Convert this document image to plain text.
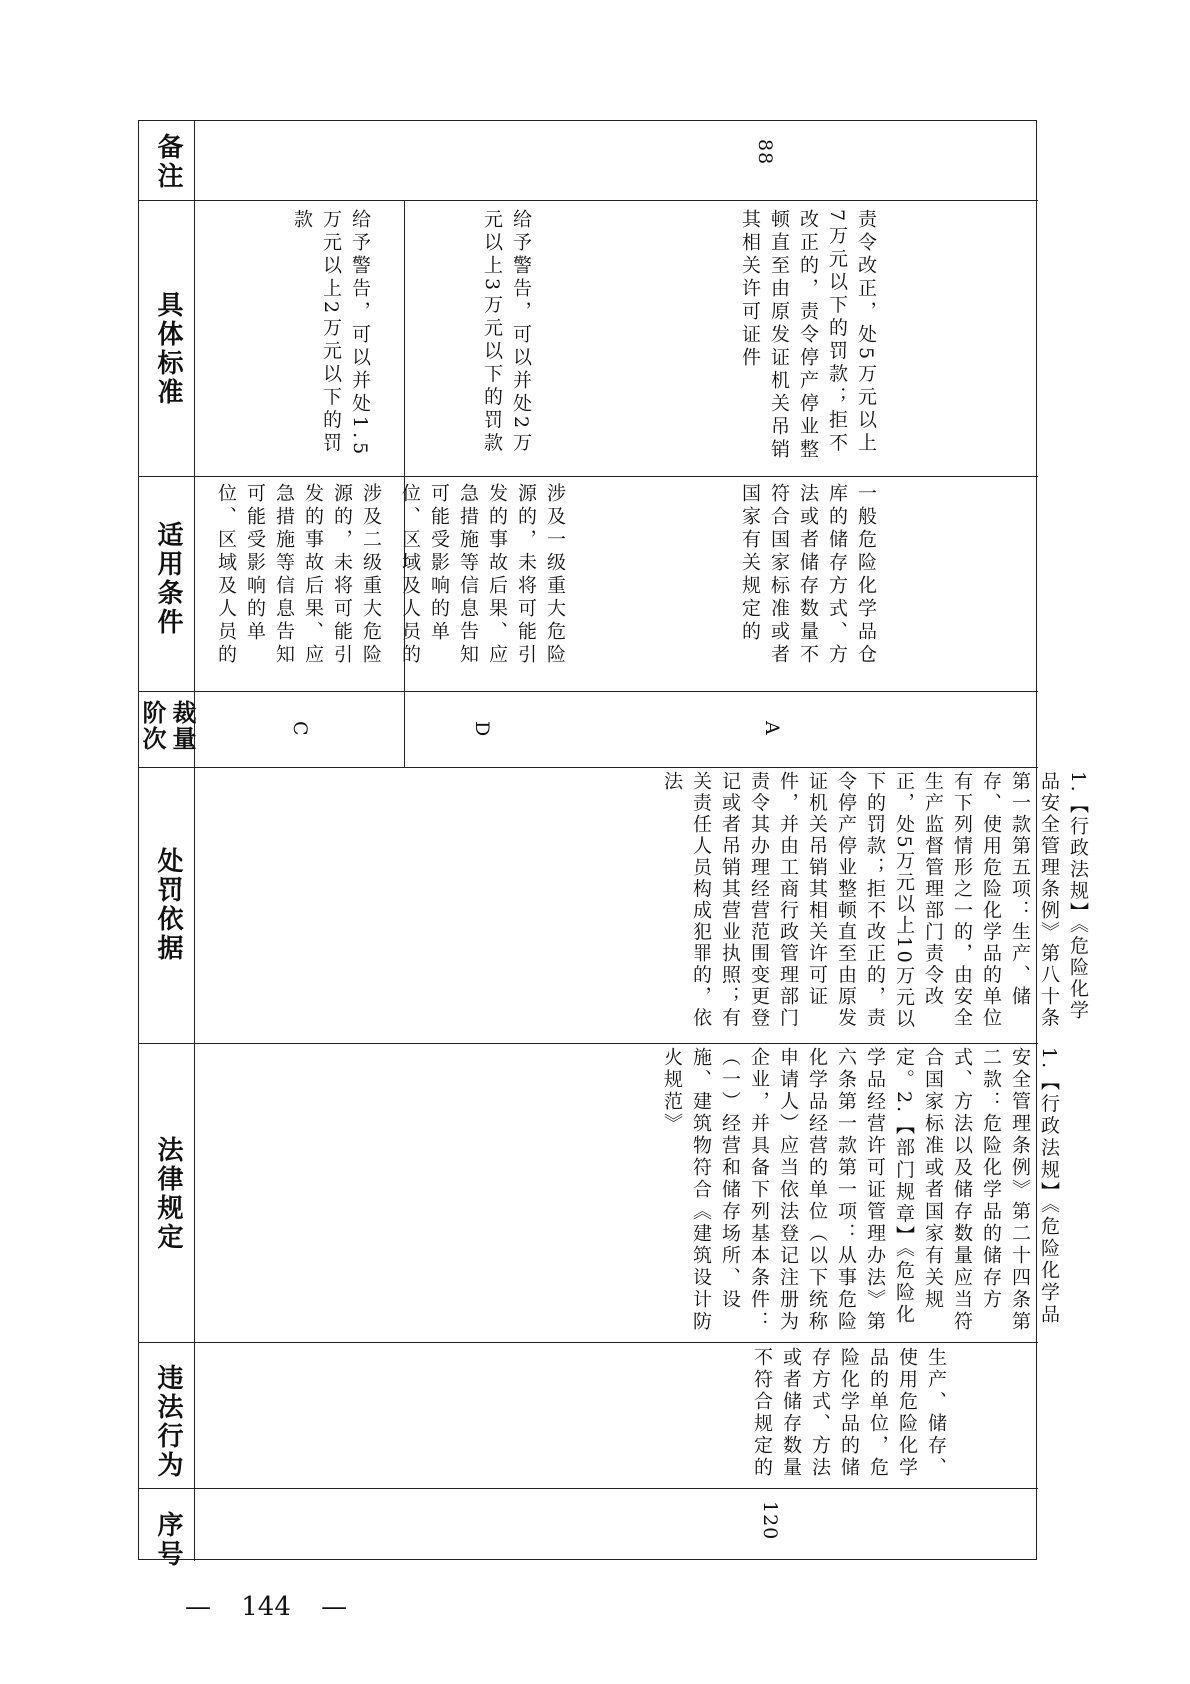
备注
具体标准
适用条件
裁量阶次
处罚依据
法律规定
违法行为
序号
88
给予警告，可以并处1.5万元以上2万元以下的罚款
涉及二级重大危险源的，未将可能引发的事故后果、应急措施等信息告知可能受影响的单位、区域及人员的
C
给予警告，可以并处2万元以上3万元以下的罚款
涉及一级重大危险源的，未将可能引发的事故后果、应急措施等信息告知可能受影响的单位、区域及人员的
D
责令改正，处5万元以上7万元以下的罚款；拒不改正的，责令停产停业整顿直至由原发证机关吊销其相关许可证件
一般危险化学品仓库的储存方式、方法或者储存数量不符合国家标准或者国家有关规定的
A
1.【行政法规】《危险化学品安全管理条例》第八十条第一款第五项：生产、储存、使用危险化学品的单位有下列情形之一的，由安全生产监督管理部门责令改正，处5万元以上10万元以下的罚款；拒不改正的，责令停产停业整顿直至由原发证机关吊销其相关许可证件，并由工商行政管理部门责令其办理经营范围变更登记或者吊销其营业执照；有关责任人员构成犯罪的，依法
1.【行政法规】《危险化学品安全管理条例》第二十四条第二款：危险化学品的储存方式、方法以及储存数量应当符合国家标准或者国家有关规定。2.【部门规章】《危险化学品经营许可证管理办法》第六条第一款第一项：从事危险化学品经营的单位（以下统称申请人）应当依法登记注册为企业，并具备下列基本条件：（一）经营和储存场所、设施、建筑物符合《建筑设计防火规范》
生产、储存、使用危险化学品的单位，危险化学品的储存方式、方法或者储存数量不符合规定的
120
— 144 —
